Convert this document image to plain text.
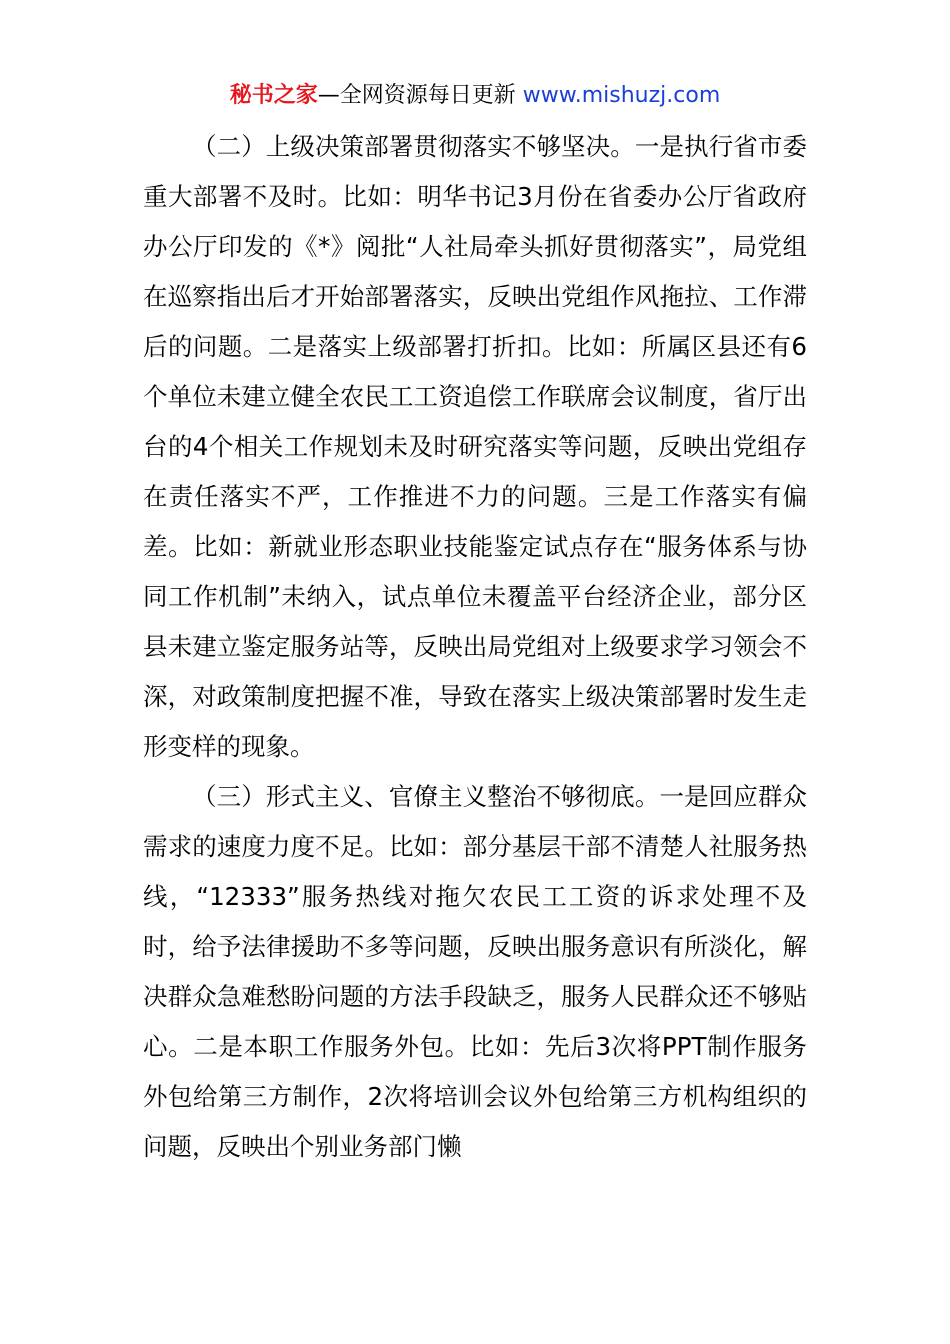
秘书之家—全网资源每日更新 www.mishuzj.com

（二）上级决策部署贯彻落实不够坚决。一是执行省市委重大部署不及时。比如：明华书记3月份在省委办公厅省政府办公厅印发的《*》阅批“人社局牵头抓好贯彻落实”，局党组在巡察指出后才开始部署落实，反映出党组作风拖拉、工作滞后的问题。二是落实上级部署打折扣。比如：所属区县还有6个单位未建立健全农民工工资追偿工作联席会议制度，省厅出台的4个相关工作规划未及时研究落实等问题，反映出党组存在责任落实不严，工作推进不力的问题。三是工作落实有偏差。比如：新就业形态职业技能鉴定试点存在“服务体系与协同工作机制”未纳入，试点单位未覆盖平台经济企业，部分区县未建立鉴定服务站等，反映出局党组对上级要求学习领会不深，对政策制度把握不准，导致在落实上级决策部署时发生走形变样的现象。

（三）形式主义、官僚主义整治不够彻底。一是回应群众需求的速度力度不足。比如：部分基层干部不清楚人社服务热线，“12333”服务热线对拖欠农民工工资的诉求处理不及时，给予法律援助不多等问题，反映出服务意识有所淡化，解决群众急难愁盼问题的方法手段缺乏，服务人民群众还不够贴心。二是本职工作服务外包。比如：先后3次将PPT制作服务外包给第三方制作，2次将培训会议外包给第三方机构组织的问题，反映出个别业务部门懒
